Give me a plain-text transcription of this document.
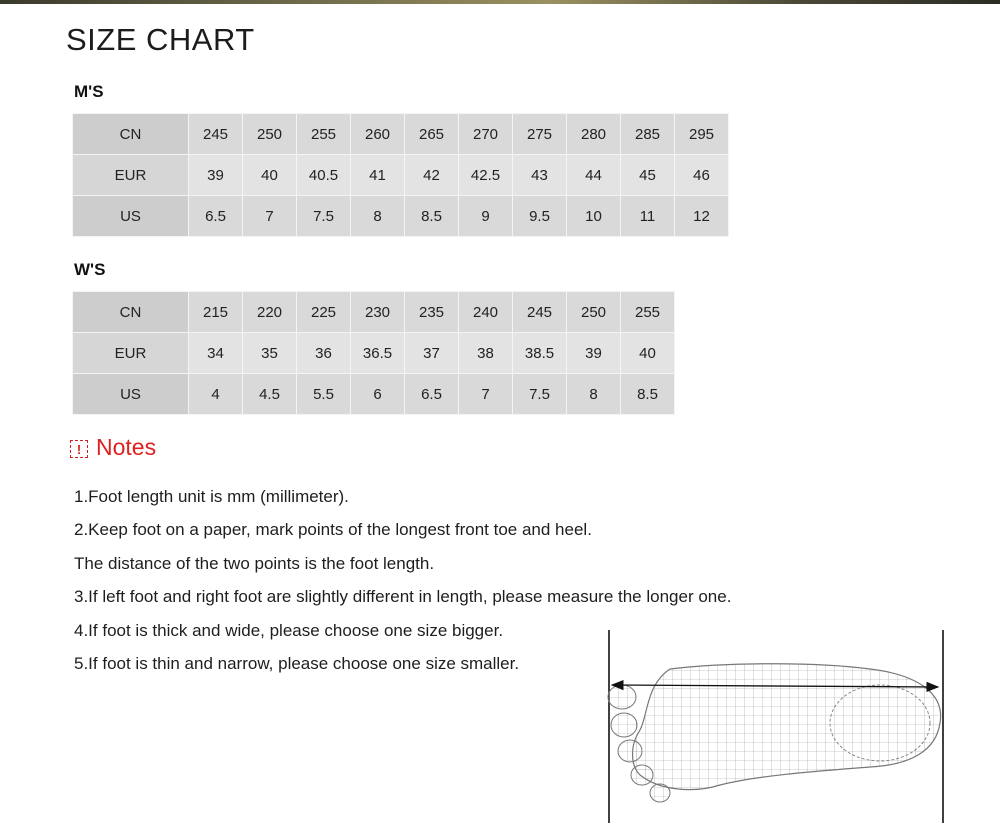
SIZE CHART
M'S
CN	245	250	255	260	265	270	275	280	285	295
EUR	39	40	40.5	41	42	42.5	43	44	45	46
US	6.5	7	7.5	8	8.5	9	9.5	10	11	12
W'S
CN	215	220	225	230	235	240	245	250	255
EUR	34	35	36	36.5	37	38	38.5	39	40
US	4	4.5	5.5	6	6.5	7	7.5	8	8.5
! Notes
1.Foot length unit is mm (millimeter).
2.Keep foot on a paper, mark points of the longest front toe and heel.
The distance of the two points is the foot length.
3.If left foot and right foot are slightly different in length, please measure the longer one.
4.If foot is thick and wide, please choose one size bigger.
5.If foot is thin and narrow, please choose one size smaller.
